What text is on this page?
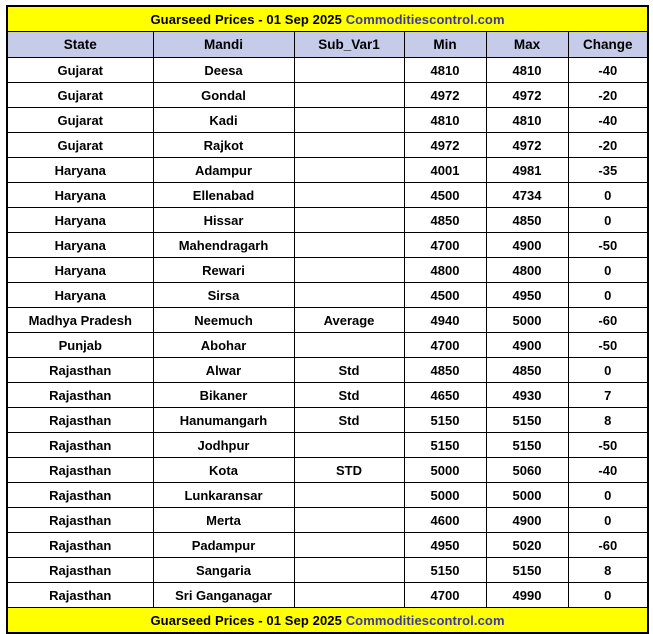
Guarseed Prices - 01 Sep 2025 Commoditiescontrol.com					
State	Mandi	Sub_Var1	Min	Max	Change
Gujarat	Deesa		4810	4810	-40
Gujarat	Gondal		4972	4972	-20
Gujarat	Kadi		4810	4810	-40
Gujarat	Rajkot		4972	4972	-20
Haryana	Adampur		4001	4981	-35
Haryana	Ellenabad		4500	4734	0
Haryana	Hissar		4850	4850	0
Haryana	Mahendragarh		4700	4900	-50
Haryana	Rewari		4800	4800	0
Haryana	Sirsa		4500	4950	0
Madhya Pradesh	Neemuch	Average	4940	5000	-60
Punjab	Abohar		4700	4900	-50
Rajasthan	Alwar	Std	4850	4850	0
Rajasthan	Bikaner	Std	4650	4930	7
Rajasthan	Hanumangarh	Std	5150	5150	8
Rajasthan	Jodhpur		5150	5150	-50
Rajasthan	Kota	STD	5000	5060	-40
Rajasthan	Lunkaransar		5000	5000	0
Rajasthan	Merta		4600	4900	0
Rajasthan	Padampur		4950	5020	-60
Rajasthan	Sangaria		5150	5150	8
Rajasthan	Sri Ganganagar		4700	4990	0
Guarseed Prices - 01 Sep 2025 Commoditiescontrol.com					
